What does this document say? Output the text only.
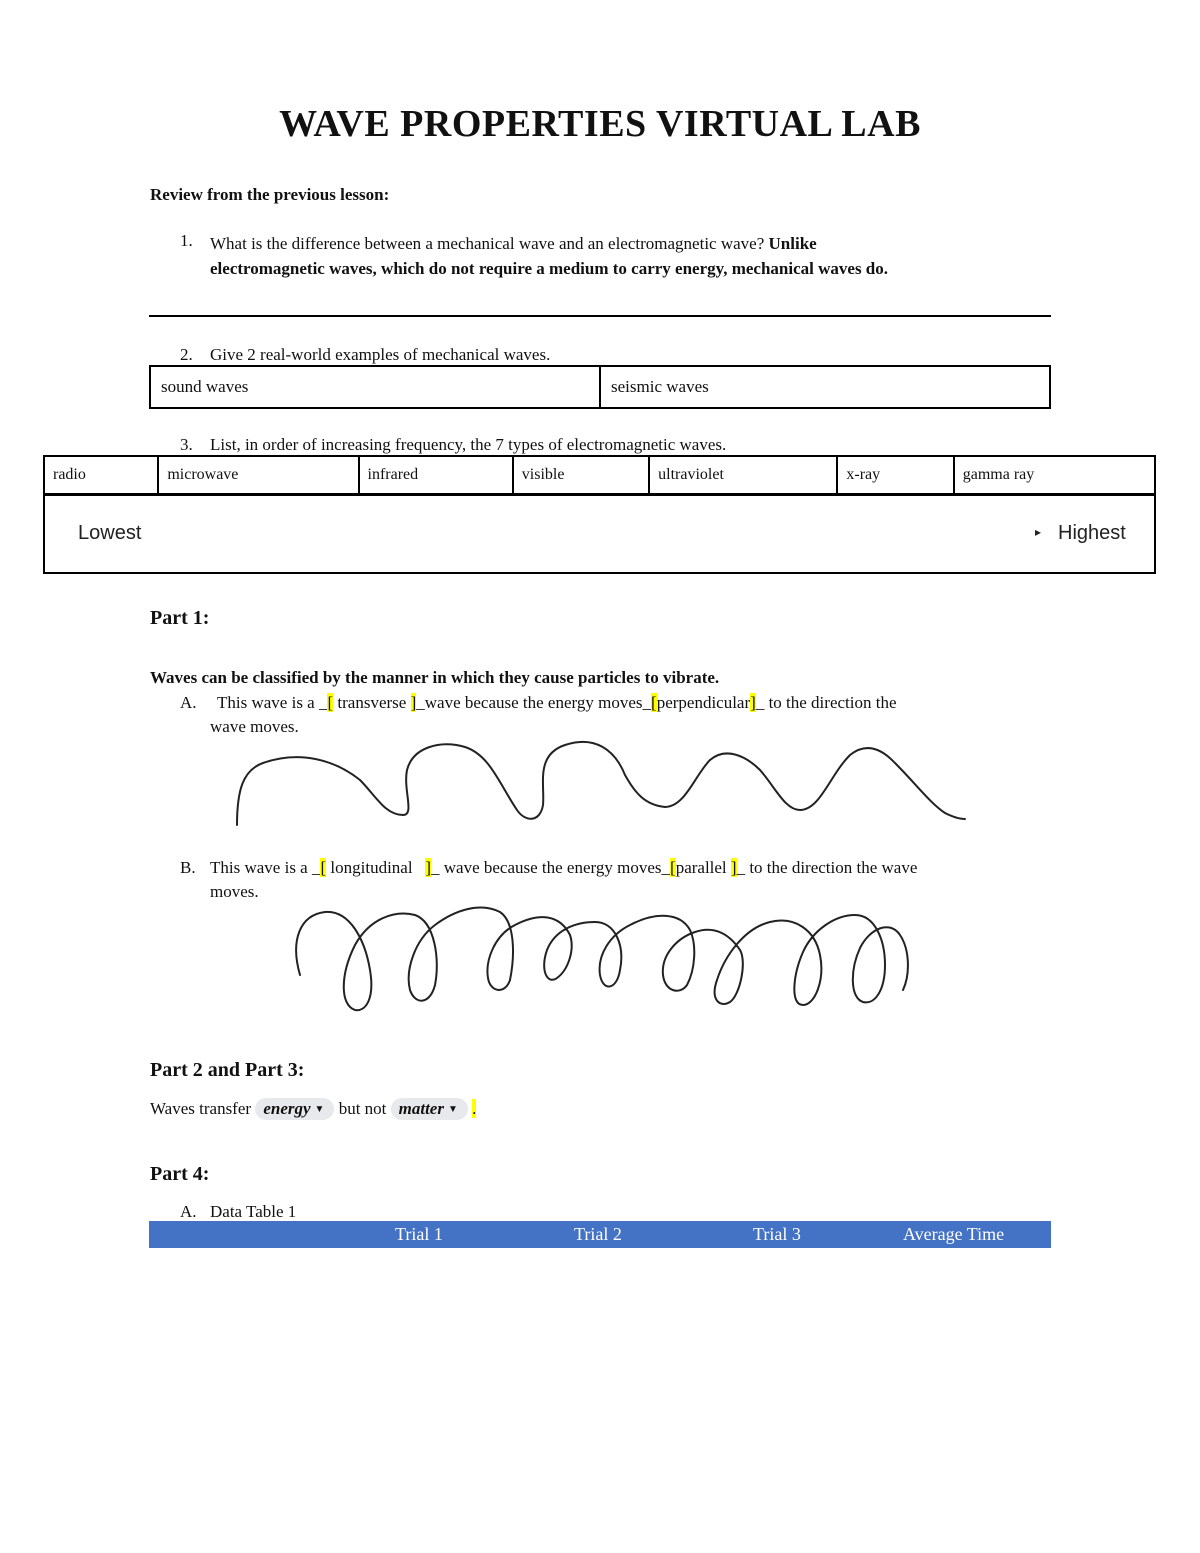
WAVE PROPERTIES VIRTUAL LAB
Review from the previous lesson:
1. What is the difference between a mechanical wave and an electromagnetic wave? Unlike
electromagnetic waves, which do not require a medium to carry energy, mechanical waves do.
2. Give 2 real-world examples of mechanical waves.
sound waves	seismic waves
3. List, in order of increasing frequency, the 7 types of electromagnetic waves.
radio	microwave	infrared	visible	ultraviolet	x-ray	gamma ray
Lowest	▸ Highest
Part 1:
Waves can be classified by the manner in which they cause particles to vibrate.
A. This wave is a _[ transverse ]_wave because the energy moves_[perpendicular]_ to the direction the
wave moves.
B. This wave is a _[ longitudinal   ]_ wave because the energy moves_[parallel ]_ to the direction the wave
moves.
Part 2 and Part 3:
Waves transfer energy ▼ but not matter ▼ .
Part 4:
A. Data Table 1
Trial 1	Trial 2	Trial 3	Average Time
